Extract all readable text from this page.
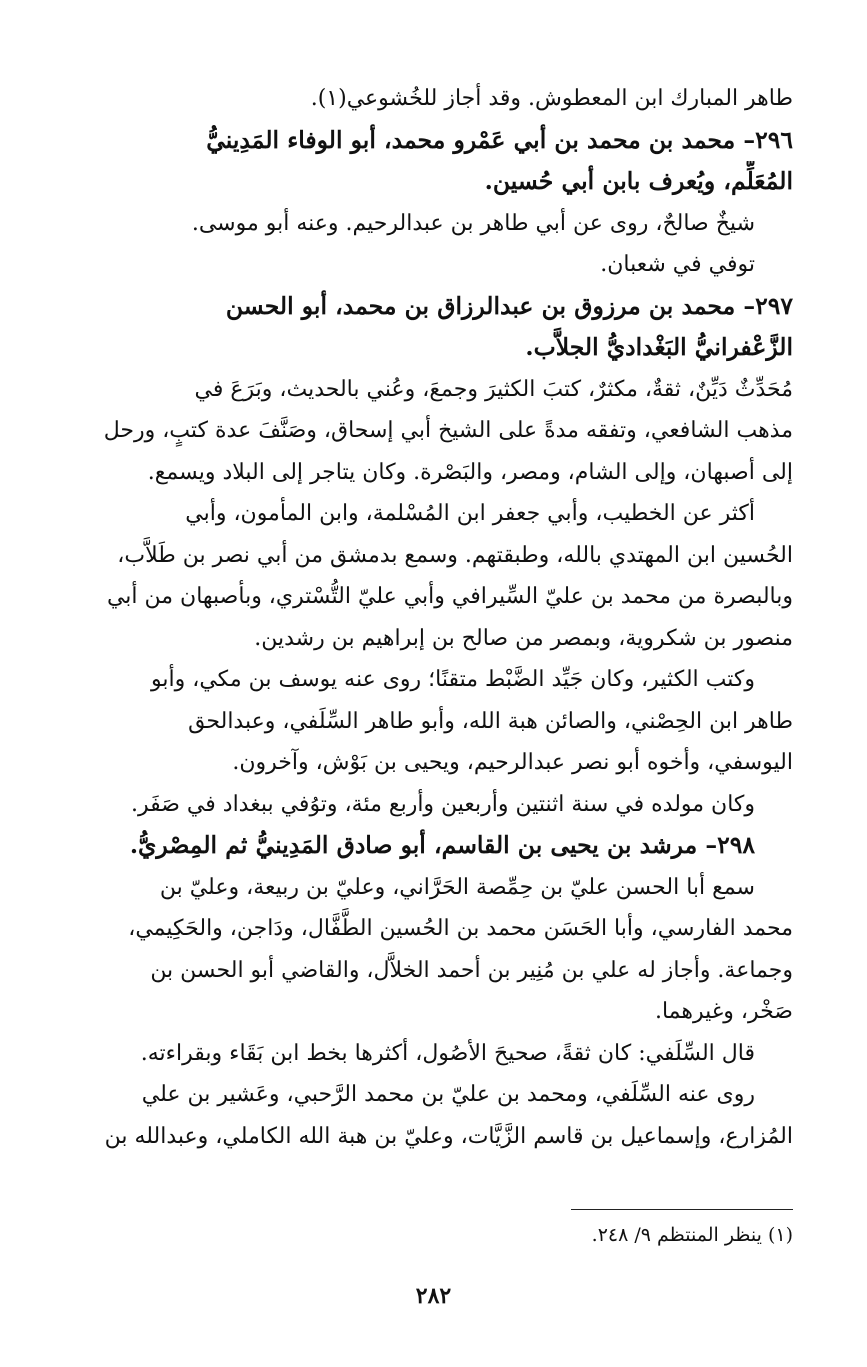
طاهر المبارك ابن المعطوش. وقد أجاز للخُشوعي(١).
٢٩٦– محمد بن محمد بن أبي عَمْرو محمد، أبو الوفاء المَدِينيُّ
المُعَلِّم، ويُعرف بابن أبي حُسين.
شيخٌ صالحٌ، روى عن أبي طاهر بن عبدالرحيم. وعنه أبو موسى.
توفي في شعبان.
٢٩٧– محمد بن مرزوق بن عبدالرزاق بن محمد، أبو الحسن
الزَّعْفرانيُّ البَغْداديُّ الجلاَّب.
مُحَدِّثٌ دَيِّنٌ، ثقةٌ، مكثرٌ، كتبَ الكثيرَ وجمعَ، وعُني بالحديث، وبَرَعَ في
مذهب الشافعي، وتفقه مدةً على الشيخ أبي إسحاق، وصَنَّفَ عدة كتبٍ، ورحل
إلى أصبهان، وإلى الشام، ومصر، والبَصْرة. وكان يتاجر إلى البلاد ويسمع.
أكثر عن الخطيب، وأبي جعفر ابن المُسْلمة، وابن المأمون، وأبي
الحُسين ابن المهتدي بالله، وطبقتهم. وسمع بدمشق من أبي نصر بن طَلاَّب،
وبالبصرة من محمد بن عليّ السِّيرافي وأبي عليّ التُّسْتري، وبأصبهان من أبي
منصور بن شكروية، وبمصر من صالح بن إبراهيم بن رشدين.
وكتب الكثير، وكان جَيِّد الضَّبْط متقنًا؛ روى عنه يوسف بن مكي، وأبو
طاهر ابن الحِصْني، والصائن هبة الله، وأبو طاهر السِّلَفي، وعبدالحق
اليوسفي، وأخوه أبو نصر عبدالرحيم، ويحيى بن بَوْش، وآخرون.
وكان مولده في سنة اثنتين وأربعين وأربع مئة، وتوُفي ببغداد في صَفَر.
٢٩٨– مرشد بن يحيى بن القاسم، أبو صادق المَدِينيُّ ثم المِصْريُّ.
سمع أبا الحسن عليّ بن حِمِّصة الحَرَّاني، وعليّ بن ربيعة، وعليّ بن
محمد الفارسي، وأبا الحَسَن محمد بن الحُسين الطَّفَّال، ودَاجن، والحَكِيمي،
وجماعة. وأجاز له علي بن مُنِير بن أحمد الخلاَّل، والقاضي أبو الحسن بن
صَخْر، وغيرهما.
قال السِّلَفي: كان ثقةً، صحيحَ الأصُول، أكثرها بخط ابن بَقَاء وبقراءته.
روى عنه السِّلَفي، ومحمد بن عليّ بن محمد الرَّحبي، وعَشير بن علي
المُزارع، وإسماعيل بن قاسم الزَّيَّات، وعليّ بن هبة الله الكاملي، وعبدالله بن
(١) ينظر المنتظم ٩/ ٢٤٨.
٢٨٢
